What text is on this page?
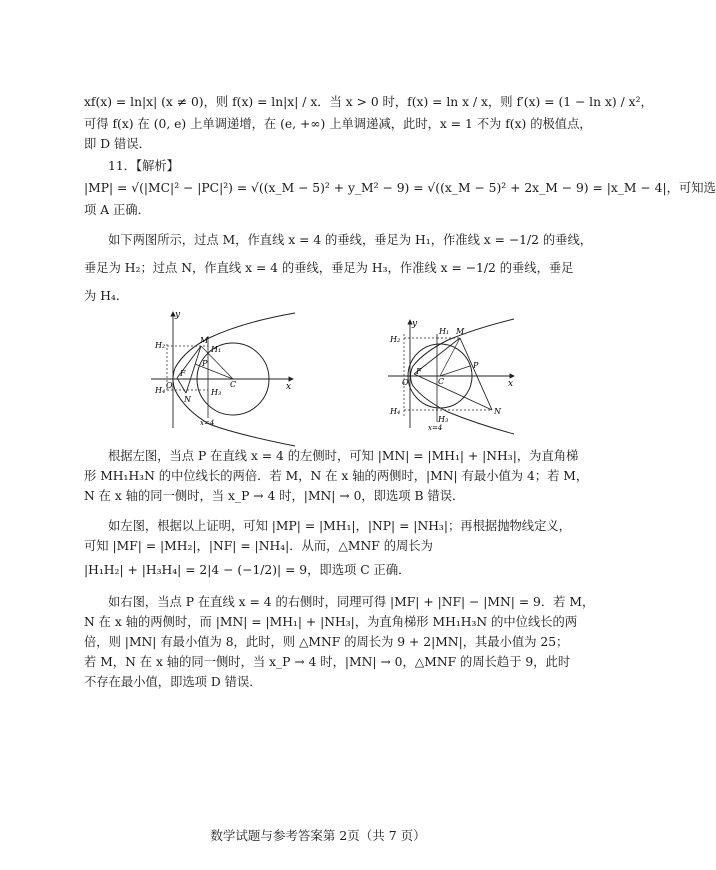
xf(x) = ln|x| (x ≠ 0)，则 f(x) = ln|x| / x．当 x > 0 时，f(x) = ln x / x，则 f′(x) = (1 − ln x) / x²，
可得 f(x) 在 (0, e) 上单调递增，在 (e, +∞) 上单调递减，此时，x = 1 不为 f(x) 的极值点，
即 D 错误．
11．【解析】
|MP| = √(|MC|² − |PC|²) = √((x_M − 5)² + y_M² − 9) = √((x_M − 5)² + 2x_M − 9) = |x_M − 4|，可知选
项 A 正确．
如下两图所示，过点 M，作直线 x = 4 的垂线，垂足为 H₁，作准线 x = −1/2 的垂线，
垂足为 H₂；过点 N，作直线 x = 4 的垂线，垂足为 H₃，作准线 x = −1/2 的垂线，垂足
为 H₄．
y
x
H₂
M
H₁
P
F
O	C
H₄
N
H₃
x=4
y
x
H₁ M
H₂
P
O
F
C
H₄
H₃
N
x=4
根据左图，当点 P 在直线 x = 4 的左侧时，可知 |MN| = |MH₁| + |NH₃|，为直角梯
形 MH₁H₃N 的中位线长的两倍．若 M，N 在 x 轴的两侧时，|MN| 有最小值为 4；若 M，
N 在 x 轴的同一侧时，当 x_P → 4 时，|MN| → 0，即选项 B 错误．
如左图，根据以上证明，可知 |MP| = |MH₁|，|NP| = |NH₃|；再根据抛物线定义，
可知 |MF| = |MH₂|，|NF| = |NH₄|．从而，△MNF 的周长为
|H₁H₂| + |H₃H₄| = 2|4 − (−1/2)| = 9，即选项 C 正确．
如右图，当点 P 在直线 x = 4 的右侧时，同理可得 |MF| + |NF| − |MN| = 9．若 M，
N 在 x 轴的两侧时，而 |MN| = |MH₁| + |NH₃|，为直角梯形 MH₁H₃N 的中位线长的两
倍，则 |MN| 有最小值为 8，此时，则 △MNF 的周长为 9 + 2|MN|，其最小值为 25；
若 M，N 在 x 轴的同一侧时，当 x_P → 4 时，|MN| → 0，△MNF 的周长趋于 9，此时
不存在最小值，即选项 D 错误．
数学试题与参考答案第 2页（共 7 页）
